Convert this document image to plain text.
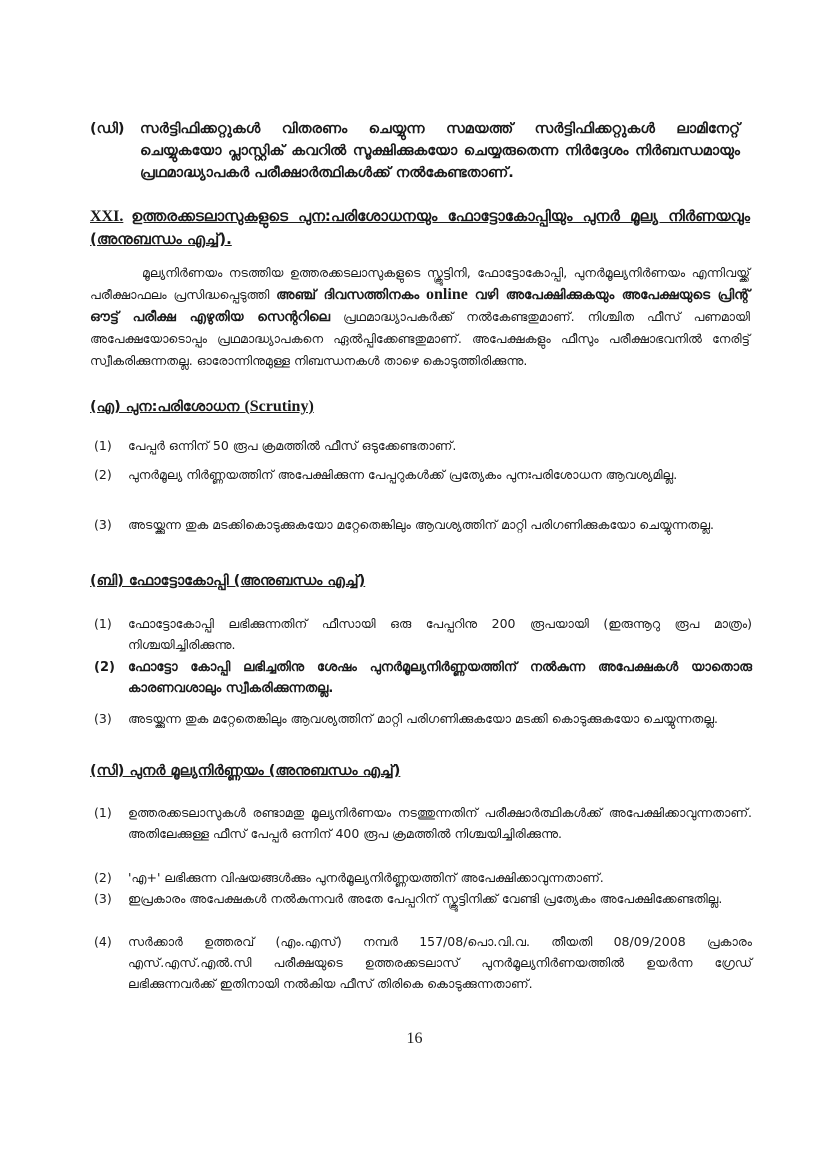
(ഡി) സർട്ടിഫിക്കറ്റുകൾ വിതരണം ചെയ്യുന്ന സമയത്ത് സർട്ടിഫിക്കറ്റുകൾ ലാമിനേറ്റ് ചെയ്യുകയോ പ്ലാസ്റ്റിക് കവറിൽ സൂക്ഷിക്കുകയോ ചെയ്യരുതെന്ന നിർദ്ദേശം നിർബന്ധമായും പ്രഥമാദ്ധ്യാപകർ പരീക്ഷാർത്ഥികൾക്ക് നൽകേണ്ടതാണ്.
XXI. ഉത്തരക്കടലാസുകളുടെ പുന:പരിശോധനയും ഫോട്ടോകോപ്പിയും പുനർ മൂല്യ നിർണയവും (അനുബന്ധം എച്ച്).
മൂല്യനിർണയം നടത്തിയ ഉത്തരക്കടലാസുകളുടെ സ്ക്രൂട്ടിനി, ഫോട്ടോകോപ്പി, പുനർമൂല്യനിർണയം എന്നിവയ്ക്ക് പരീക്ഷാഫലം പ്രസിദ്ധപ്പെടുത്തി അഞ്ച് ദിവസത്തിനകം online വഴി അപേക്ഷിക്കുകയും അപേക്ഷയുടെ പ്രിന്റ് ഔട്ട് പരീക്ഷ എഴുതിയ സെന്ററിലെ പ്രഥമാദ്ധ്യാപകർക്ക് നൽകേണ്ടതുമാണ്. നിശ്ചിത ഫീസ് പണമായി അപേക്ഷയോടൊപ്പം പ്രഥമാദ്ധ്യാപകനെ ഏൽപ്പിക്കേണ്ടതുമാണ്. അപേക്ഷകളും ഫീസും പരീക്ഷാഭവനിൽ നേരിട്ട് സ്വീകരിക്കുന്നതല്ല. ഓരോന്നിനുമുള്ള നിബന്ധനകൾ താഴെ കൊടുത്തിരിക്കുന്നു.
(എ) പുന:പരിശോധന (Scrutiny)
(1) പേപ്പർ ഒന്നിന് 50 രൂപ ക്രമത്തിൽ ഫീസ് ഒടുക്കേണ്ടതാണ്.
(2) പുനർമൂല്യ നിർണ്ണയത്തിന് അപേക്ഷിക്കുന്ന പേപ്പറുകൾക്ക് പ്രത്യേകം പുനഃപരിശോധന ആവശ്യമില്ല.
(3) അടയ്ക്കുന്ന തുക മടക്കികൊടുക്കുകയോ മറ്റേതെങ്കിലും ആവശ്യത്തിന് മാറ്റി പരിഗണിക്കുകയോ ചെയ്യുന്നതല്ല.
(ബി) ഫോട്ടോകോപ്പി (അനുബന്ധം എച്ച്)
(1) ഫോട്ടോകോപ്പി ലഭിക്കുന്നതിന് ഫീസായി ഒരു പേപ്പറിനു 200 രൂപയായി (ഇരുന്നൂറു രൂപ മാത്രം) നിശ്ചയിച്ചിരിക്കുന്നു.
(2) ഫോട്ടോ കോപ്പി ലഭിച്ചതിനു ശേഷം പുനർമൂല്യനിർണ്ണയത്തിന് നൽകുന്ന അപേക്ഷകൾ യാതൊരു കാരണവശാലും സ്വീകരിക്കുന്നതല്ല.
(3) അടയ്ക്കുന്ന തുക മറ്റേതെങ്കിലും ആവശ്യത്തിന് മാറ്റി പരിഗണിക്കുകയോ മടക്കി കൊടുക്കുകയോ ചെയ്യുന്നതല്ല.
(സി) പുനർ മൂല്യനിർണ്ണയം (അനുബന്ധം എച്ച്)
(1) ഉത്തരക്കടലാസുകൾ രണ്ടാമതു മൂല്യനിർണയം നടത്തുന്നതിന് പരീക്ഷാർത്ഥികൾക്ക് അപേക്ഷിക്കാവുന്നതാണ്. അതിലേക്കുള്ള ഫീസ് പേപ്പർ ഒന്നിന് 400 രൂപ ക്രമത്തിൽ നിശ്ചയിച്ചിരിക്കുന്നു.
(2) 'എ+' ലഭിക്കുന്ന വിഷയങ്ങൾക്കും പുനർമൂല്യനിർണ്ണയത്തിന് അപേക്ഷിക്കാവുന്നതാണ്.
(3) ഇപ്രകാരം അപേക്ഷകൾ നൽകുന്നവർ അതേ പേപ്പറിന് സ്ക്രൂട്ടിനിക്ക് വേണ്ടി പ്രത്യേകം അപേക്ഷിക്കേണ്ടതില്ല.
(4) സർക്കാർ ഉത്തരവ് (എം.എസ്) നമ്പർ 157/08/പൊ.വി.വ. തീയതി 08/09/2008 പ്രകാരം എസ്.എസ്.എൽ.സി പരീക്ഷയുടെ ഉത്തരക്കടലാസ് പുനർമൂല്യനിർണയത്തിൽ ഉയർന്ന ഗ്രേഡ് ലഭിക്കുന്നവർക്ക് ഇതിനായി നൽകിയ ഫീസ് തിരികെ കൊടുക്കുന്നതാണ്.
16
